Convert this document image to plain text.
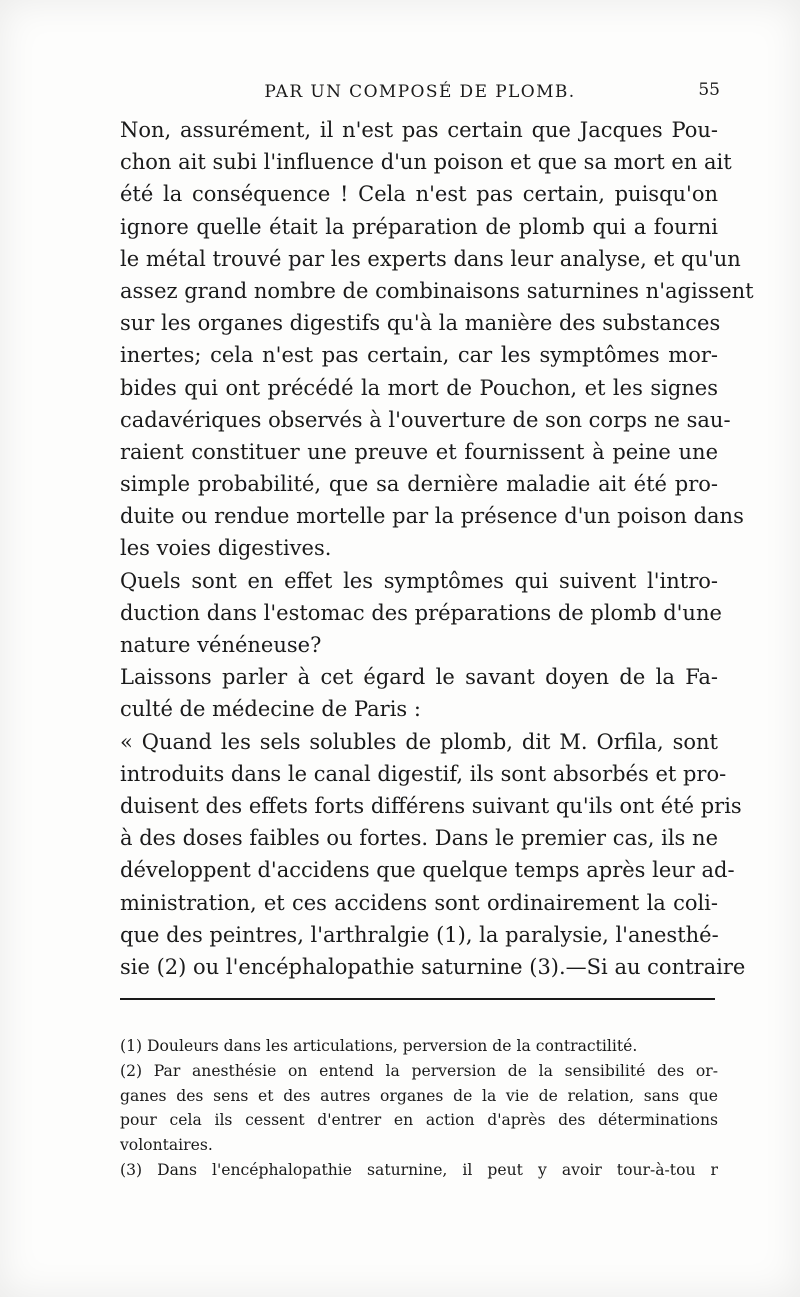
PAR UN COMPOSÉ DE PLOMB.	55
Non, assurément, il n'est pas certain que Jacques Pou-
chon ait subi l'influence d'un poison et que sa mort en ait
été la conséquence ! Cela n'est pas certain, puisqu'on
ignore quelle était la préparation de plomb qui a fourni
le métal trouvé par les experts dans leur analyse, et qu'un
assez grand nombre de combinaisons saturnines n'agissent
sur les organes digestifs qu'à la manière des substances
inertes; cela n'est pas certain, car les symptômes mor-
bides qui ont précédé la mort de Pouchon, et les signes
cadavériques observés à l'ouverture de son corps ne sau-
raient constituer une preuve et fournissent à peine une
simple probabilité, que sa dernière maladie ait été pro-
duite ou rendue mortelle par la présence d'un poison dans
les voies digestives.
Quels sont en effet les symptômes qui suivent l'intro-
duction dans l'estomac des préparations de plomb d'une
nature vénéneuse?
Laissons parler à cet égard le savant doyen de la Fa-
culté de médecine de Paris :
« Quand les sels solubles de plomb, dit M. Orfila, sont
introduits dans le canal digestif, ils sont absorbés et pro-
duisent des effets forts différens suivant qu'ils ont été pris
à des doses faibles ou fortes. Dans le premier cas, ils ne
développent d'accidens que quelque temps après leur ad-
ministration, et ces accidens sont ordinairement la coli-
que des peintres, l'arthralgie (1), la paralysie, l'anesthé-
sie (2) ou l'encéphalopathie saturnine (3).—Si au contraire
(1) Douleurs dans les articulations, perversion de la contractilité.
(2) Par anesthésie on entend la perversion de la sensibilité des or-
ganes des sens et des autres organes de la vie de relation, sans que
pour cela ils cessent d'entrer en action d'après des déterminations
volontaires.
(3) Dans l'encéphalopathie saturnine, il peut y avoir tour-à-tou r
